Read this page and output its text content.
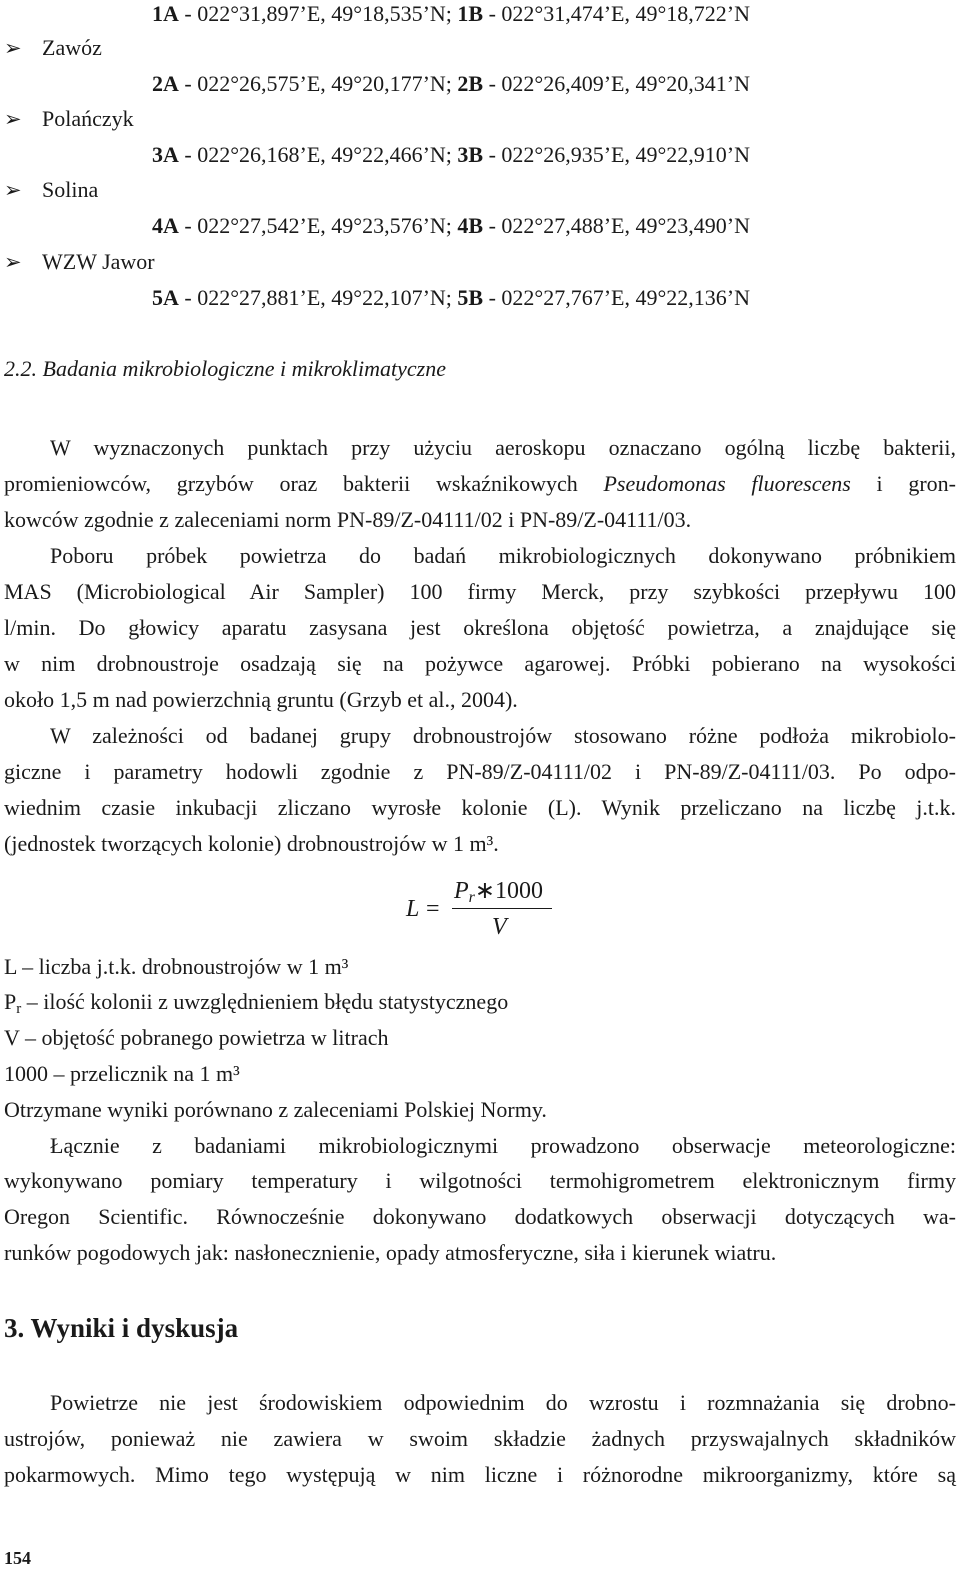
1A - 022°31,897’E, 49°18,535’N; 1B - 022°31,474’E, 49°18,722’N
➢ Zawóz
2A - 022°26,575’E, 49°20,177’N; 2B - 022°26,409’E, 49°20,341’N
➢ Polańczyk
3A - 022°26,168’E, 49°22,466’N; 3B - 022°26,935’E, 49°22,910’N
➢ Solina
4A - 022°27,542’E, 49°23,576’N; 4B - 022°27,488’E, 49°23,490’N
➢ WZW Jawor
5A - 022°27,881’E, 49°22,107’N; 5B - 022°27,767’E, 49°22,136’N
2.2. Badania mikrobiologiczne i mikroklimatyczne
W wyznaczonych punktach przy użyciu aeroskopu oznaczano ogólną liczbę bakterii,
promieniowców, grzybów oraz bakterii wskaźnikowych Pseudomonas fluorescens i gron-
kowców zgodnie z zaleceniami norm PN-89/Z-04111/02 i PN-89/Z-04111/03.
Poboru próbek powietrza do badań mikrobiologicznych dokonywano próbnikiem
MAS (Microbiological Air Sampler) 100 firmy Merck, przy szybkości przepływu 100
l/min. Do głowicy aparatu zasysana jest określona objętość powietrza, a znajdujące się
w nim drobnoustroje osadzają się na pożywce agarowej. Próbki pobierano na wysokości
około 1,5 m nad powierzchnią gruntu (Grzyb et al., 2004).
W zależności od badanej grupy drobnoustrojów stosowano różne podłoża mikrobiolo-
giczne i parametry hodowli zgodnie z PN-89/Z-04111/02 i PN-89/Z-04111/03. Po odpo-
wiednim czasie inkubacji zliczano wyrosłe kolonie (L). Wynik przeliczano na liczbę j.t.k.
(jednostek tworzących kolonie) drobnoustrojów w 1 m³.
L =
$P_r∗1000$
V
L – liczba j.t.k. drobnoustrojów w 1 m³
$P_r$ – ilość kolonii z uwzględnieniem błędu statystycznego
V – objętość pobranego powietrza w litrach
1000 – przelicznik na 1 m³
Otrzymane wyniki porównano z zaleceniami Polskiej Normy.
Łącznie z badaniami mikrobiologicznymi prowadzono obserwacje meteorologiczne:
wykonywano pomiary temperatury i wilgotności termohigrometrem elektronicznym firmy
Oregon Scientific. Równocześnie dokonywano dodatkowych obserwacji dotyczących wa-
runków pogodowych jak: nasłonecznienie, opady atmosferyczne, siła i kierunek wiatru.
3. Wyniki i dyskusja
Powietrze nie jest środowiskiem odpowiednim do wzrostu i rozmnażania się drobno-
ustrojów, ponieważ nie zawiera w swoim składzie żadnych przyswajalnych składników
pokarmowych. Mimo tego występują w nim liczne i różnorodne mikroorganizmy, które są
154
